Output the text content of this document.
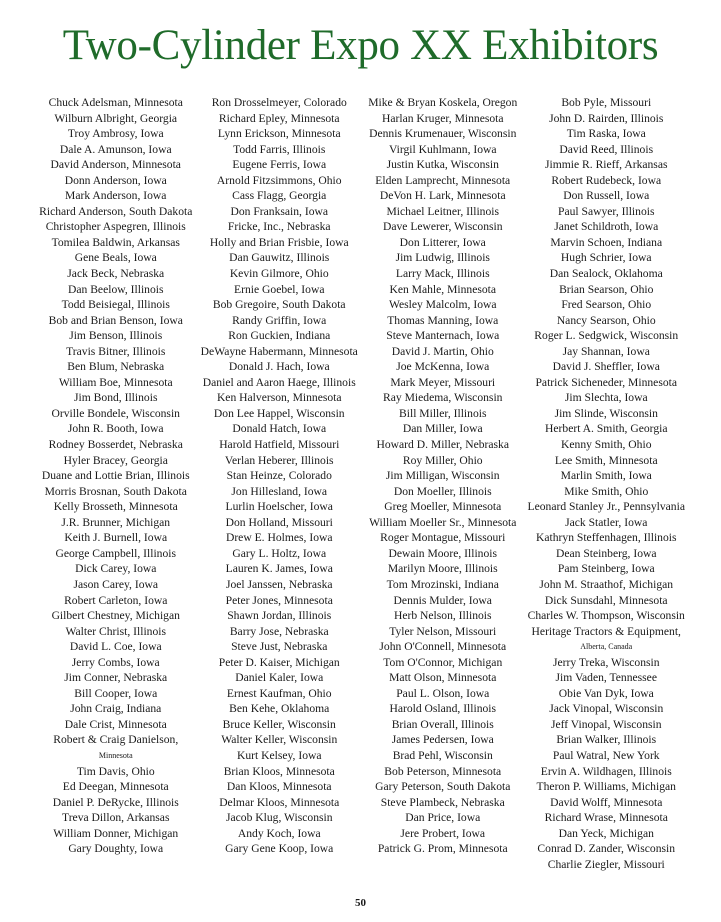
Two-Cylinder Expo XX Exhibitors
Chuck Adelsman, Minnesota
Wilburn Albright, Georgia
Troy Ambrosy, Iowa
Dale A. Amunson, Iowa
David Anderson, Minnesota
Donn Anderson, Iowa
Mark Anderson, Iowa
Richard Anderson, South Dakota
Christopher Aspegren, Illinois
Tomilea Baldwin, Arkansas
Gene Beals, Iowa
Jack Beck, Nebraska
Dan Beelow, Illinois
Todd Beisiegal, Illinois
Bob and Brian Benson, Iowa
Jim Benson, Illinois
Travis Bitner, Illinois
Ben Blum, Nebraska
William Boe, Minnesota
Jim Bond, Illinois
Orville Bondele, Wisconsin
John R. Booth, Iowa
Rodney Bosserdet, Nebraska
Hyler Bracey, Georgia
Duane and Lottie Brian, Illinois
Morris Brosnan, South Dakota
Kelly Brosseth, Minnesota
J.R. Brunner, Michigan
Keith J. Burnell, Iowa
George Campbell, Illinois
Dick Carey, Iowa
Jason Carey, Iowa
Robert Carleton, Iowa
Gilbert Chestney, Michigan
Walter Christ, Illinois
David L. Coe, Iowa
Jerry Combs, Iowa
Jim Conner, Nebraska
Bill Cooper, Iowa
John Craig, Indiana
Dale Crist, Minnesota
Robert & Craig Danielson,
Minnesota
Tim Davis, Ohio
Ed Deegan, Minnesota
Daniel P. DeRycke, Illinois
Treva Dillon, Arkansas
William Donner, Michigan
Gary Doughty, Iowa
Ron Drosselmeyer, Colorado
Richard Epley, Minnesota
Lynn Erickson, Minnesota
Todd Farris, Illinois
Eugene Ferris, Iowa
Arnold Fitzsimmons, Ohio
Cass Flagg, Georgia
Don Franksain, Iowa
Fricke, Inc., Nebraska
Holly and Brian Frisbie, Iowa
Dan Gauwitz, Illinois
Kevin Gilmore, Ohio
Ernie Goebel, Iowa
Bob Gregoire, South Dakota
Randy Griffin, Iowa
Ron Guckien, Indiana
DeWayne Habermann, Minnesota
Donald J. Hach, Iowa
Daniel and Aaron Haege, Illinois
Ken Halverson, Minnesota
Don Lee Happel, Wisconsin
Donald Hatch, Iowa
Harold Hatfield, Missouri
Verlan Heberer, Illinois
Stan Heinze, Colorado
Jon Hillesland, Iowa
Lurlin Hoelscher, Iowa
Don Holland, Missouri
Drew E. Holmes, Iowa
Gary L. Holtz, Iowa
Lauren K. James, Iowa
Joel Janssen, Nebraska
Peter Jones, Minnesota
Shawn Jordan, Illinois
Barry Jose, Nebraska
Steve Just, Nebraska
Peter D. Kaiser, Michigan
Daniel Kaler, Iowa
Ernest Kaufman, Ohio
Ben Kehe, Oklahoma
Bruce Keller, Wisconsin
Walter Keller, Wisconsin
Kurt Kelsey, Iowa
Brian Kloos, Minnesota
Dan Kloos, Minnesota
Delmar Kloos, Minnesota
Jacob Klug, Wisconsin
Andy Koch, Iowa
Gary Gene Koop, Iowa
Mike & Bryan Koskela, Oregon
Harlan Kruger, Minnesota
Dennis Krumenauer, Wisconsin
Virgil Kuhlmann, Iowa
Justin Kutka, Wisconsin
Elden Lamprecht, Minnesota
DeVon H. Lark, Minnesota
Michael Leitner, Illinois
Dave Lewerer, Wisconsin
Don Litterer, Iowa
Jim Ludwig, Illinois
Larry Mack, Illinois
Ken Mahle, Minnesota
Wesley Malcolm, Iowa
Thomas Manning, Iowa
Steve Manternach, Iowa
David J. Martin, Ohio
Joe McKenna, Iowa
Mark Meyer, Missouri
Ray Miedema, Wisconsin
Bill Miller, Illinois
Dan Miller, Iowa
Howard D. Miller, Nebraska
Roy Miller, Ohio
Jim Milligan, Wisconsin
Don Moeller, Illinois
Greg Moeller, Minnesota
William Moeller Sr., Minnesota
Roger Montague, Missouri
Dewain Moore, Illinois
Marilyn Moore, Illinois
Tom Mrozinski, Indiana
Dennis Mulder, Iowa
Herb Nelson, Illinois
Tyler Nelson, Missouri
John O'Connell, Minnesota
Tom O'Connor, Michigan
Matt Olson, Minnesota
Paul L. Olson, Iowa
Harold Osland, Illinois
Brian Overall, Illinois
James Pedersen, Iowa
Brad Pehl, Wisconsin
Bob Peterson, Minnesota
Gary Peterson, South Dakota
Steve Plambeck, Nebraska
Dan Price, Iowa
Jere Probert, Iowa
Patrick G. Prom, Minnesota
Bob Pyle, Missouri
John D. Rairden, Illinois
Tim Raska, Iowa
David Reed, Illinois
Jimmie R. Rieff, Arkansas
Robert Rudebeck, Iowa
Don Russell, Iowa
Paul Sawyer, Illinois
Janet Schildroth, Iowa
Marvin Schoen, Indiana
Hugh Schrier, Iowa
Dan Sealock, Oklahoma
Brian Searson, Ohio
Fred Searson, Ohio
Nancy Searson, Ohio
Roger L. Sedgwick, Wisconsin
Jay Shannan, Iowa
David J. Sheffler, Iowa
Patrick Sicheneder, Minnesota
Jim Slechta, Iowa
Jim Slinde, Wisconsin
Herbert A. Smith, Georgia
Kenny Smith, Ohio
Lee Smith, Minnesota
Marlin Smith, Iowa
Mike Smith, Ohio
Leonard Stanley Jr., Pennsylvania
Jack Statler, Iowa
Kathryn Steffenhagen, Illinois
Dean Steinberg, Iowa
Pam Steinberg, Iowa
John M. Straathof, Michigan
Dick Sunsdahl, Minnesota
Charles W. Thompson, Wisconsin
Heritage Tractors & Equipment,
Alberta, Canada
Jerry Treka, Wisconsin
Jim Vaden, Tennessee
Obie Van Dyk, Iowa
Jack Vinopal, Wisconsin
Jeff Vinopal, Wisconsin
Brian Walker, Illinois
Paul Watral, New York
Ervin A. Wildhagen, Illinois
Theron P. Williams, Michigan
David Wolff, Minnesota
Richard Wrase, Minnesota
Dan Yeck, Michigan
Conrad D. Zander, Wisconsin
Charlie Ziegler, Missouri
50
